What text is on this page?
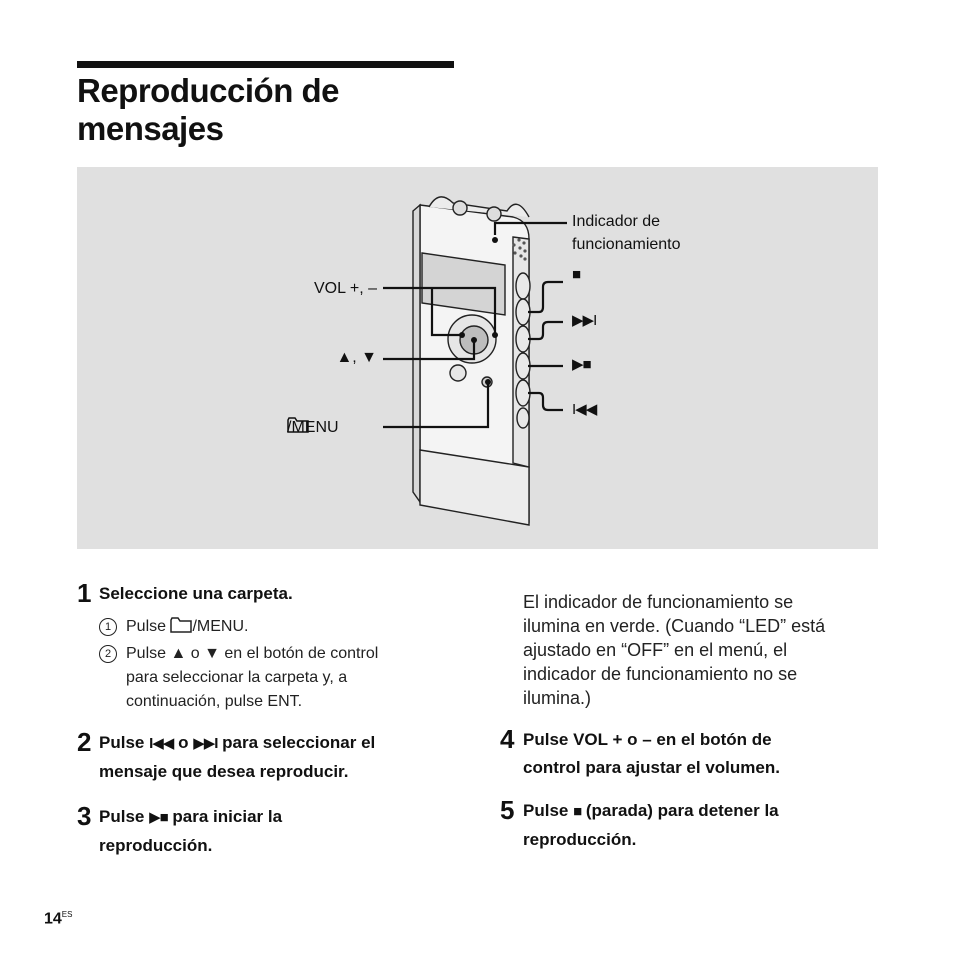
Reproducción de
mensajes
Indicador de
funcionamiento
VOL +, –
▲, ▼
/MENU
■
▶▶I
▶■
I◀◀
1 Seleccione una carpeta.
1 Pulse /MENU.
2 Pulse ▲ o ▼ en el botón de control
para seleccionar la carpeta y, a
continuación, pulse ENT.
2 Pulse I◀◀ o ▶▶I para seleccionar el
mensaje que desea reproducir.
3 Pulse ▶■ para iniciar la
reproducción.
El indicador de funcionamiento se
ilumina en verde. (Cuando “LED” está
ajustado en “OFF” en el menú, el
indicador de funcionamiento no se
ilumina.)
4 Pulse VOL + o – en el botón de
control para ajustar el volumen.
5 Pulse ■ (parada) para detener la
reproducción.
$14^{ES}$
